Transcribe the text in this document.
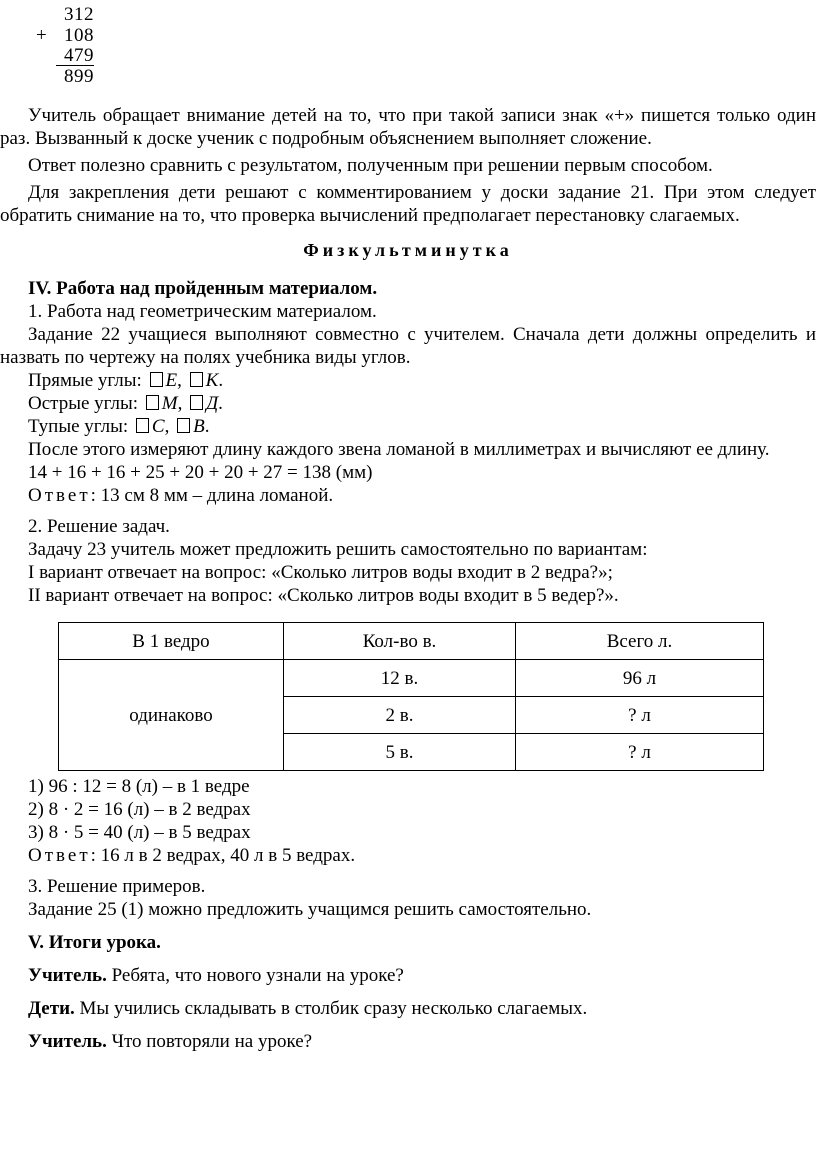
312
+ 108
479
899

Учитель обращает внимание детей на то, что при такой записи знак «+» пишется только один раз. Вызванный к доске ученик с подробным объяснением выполняет сложение.

Ответ полезно сравнить с результатом, полученным при решении первым способом.

Для закрепления дети решают с комментированием у доски задание 21. При этом следует обратить снимание на то, что проверка вычислений предполагает перестановку слагаемых.

Физкультминутка

IV. Работа над пройденным материалом.

1. Работа над геометрическим материалом.

Задание 22 учащиеся выполняют совместно с учителем. Сначала дети должны определить и назвать по чертежу на полях учебника виды углов.

Прямые углы: E, K.

Острые углы: M, Д.

Тупые углы: C, B.

После этого измеряют длину каждого звена ломаной в миллиметрах и вычисляют ее длину.

14 + 16 + 16 + 25 + 20 + 20 + 27 = 138 (мм)

Ответ: 13 см 8 мм – длина ломаной.

2. Решение задач.

Задачу 23 учитель может предложить решить самостоятельно по вариантам:

I вариант отвечает на вопрос: «Сколько литров воды входит в 2 ведра?»;

II вариант отвечает на вопрос: «Сколько литров воды входит в 5 ведер?».

В 1 ведро	Кол-во в.	Всего л.
одинаково	12 в.	96 л
	2 в.	? л
	5 в.	? л

1) 96 : 12 = 8 (л) – в 1 ведре

2) 8 · 2 = 16 (л) – в 2 ведрах

3) 8 · 5 = 40 (л) – в 5 ведрах

Ответ: 16 л в 2 ведрах, 40 л в 5 ведрах.

3. Решение примеров.

Задание 25 (1) можно предложить учащимся решить самостоятельно.

V. Итоги урока.

Учитель. Ребята, что нового узнали на уроке?

Дети. Мы учились складывать в столбик сразу несколько слагаемых.

Учитель. Что повторяли на уроке?
